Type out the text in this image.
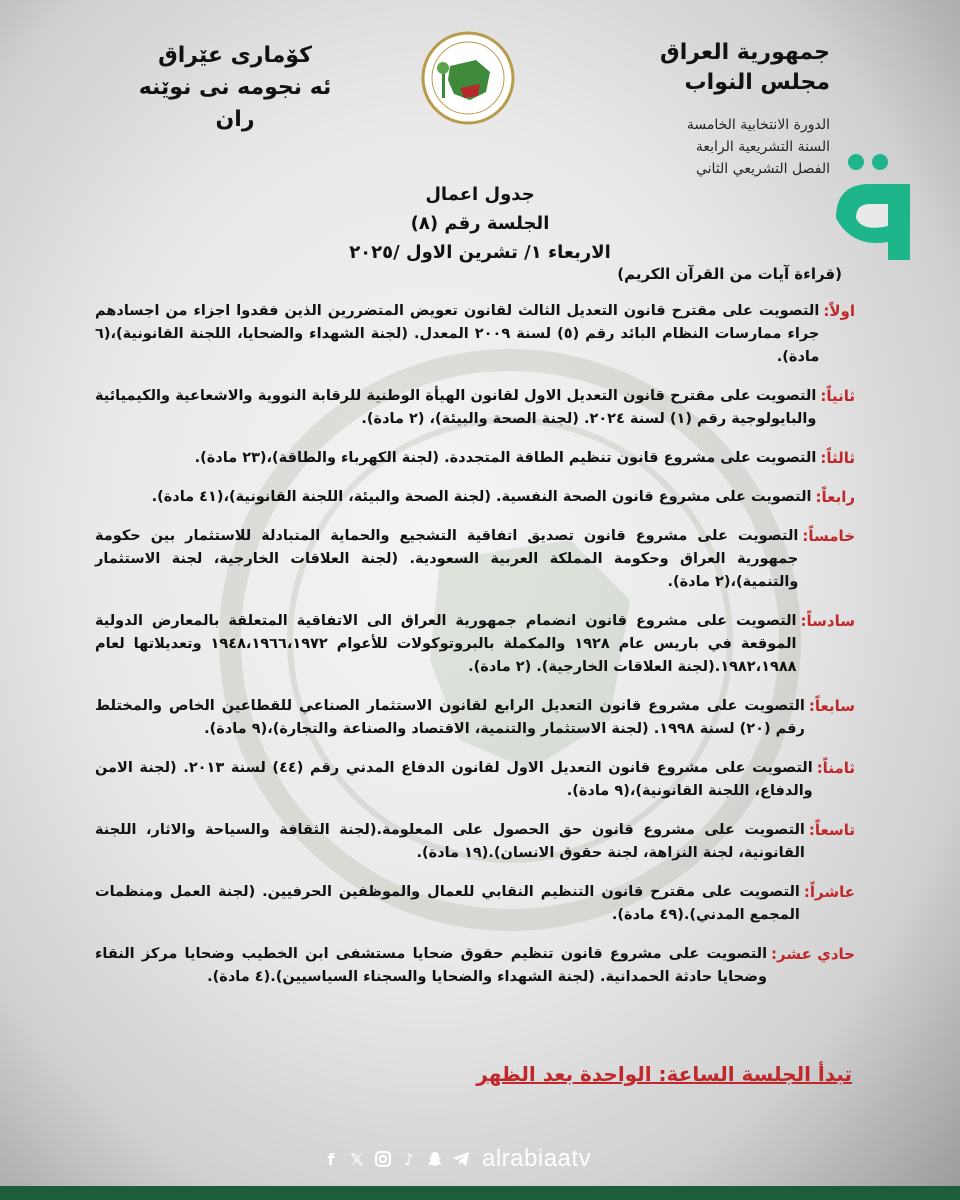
جمهورية العراق
مجلس النواب
الدورة الانتخابية الخامسة
السنة التشريعية الرابعة
الفصل التشريعي الثاني
كۆمارى عێراق
ئه نجومه نى نوێنه ران
جدول اعمال
الجلسة رقم (٨)
الاربعاء ١/ تشرين الاول /٢٠٢٥
(قراءة آيات من القرآن الكريم)
اولاً:
التصويت على مقترح قانون التعديل الثالث لقانون تعويض المتضررين الذين فقدوا اجزاء من اجسادهم جراء ممارسات النظام البائد رقم (٥) لسنة ٢٠٠٩ المعدل. (لجنة الشهداء والضحايا، اللجنة القانونية)،(٦ مادة).
ثانياً:
التصويت على مقترح قانون التعديل الاول لقانون الهيأة الوطنية للرقابة النووية والاشعاعية والكيميائية والبايولوجية رقم (١) لسنة ٢٠٢٤. (لجنة الصحة والبيئة)، (٢ مادة).
ثالثاً:
التصويت على مشروع قانون تنظيم الطاقة المتجددة. (لجنة الكهرباء والطاقة)،(٢٣ مادة).
رابعاً:
التصويت على مشروع قانون الصحة النفسية. (لجنة الصحة والبيئة، اللجنة القانونية)،(٤١ مادة).
خامساً:
التصويت على مشروع قانون تصديق اتفاقية التشجيع والحماية المتبادلة للاستثمار بين حكومة جمهورية العراق وحكومة المملكة العربية السعودية. (لجنة العلاقات الخارجية، لجنة الاستثمار والتنمية)،(٢ مادة).
سادساً:
التصويت على مشروع قانون انضمام جمهورية العراق الى الاتفاقية المتعلقة بالمعارض الدولية الموقعة في باريس عام ١٩٢٨ والمكملة بالبروتوكولات للأعوام ١٩٤٨،١٩٦٦،١٩٧٢ وتعديلاتها لعام ١٩٨٢،١٩٨٨.(لجنة العلاقات الخارجية). (٢ مادة).
سابعاً:
التصويت على مشروع قانون التعديل الرابع لقانون الاستثمار الصناعي للقطاعين الخاص والمختلط رقم (٢٠) لسنة ١٩٩٨. (لجنة الاستثمار والتنمية، الاقتصاد والصناعة والتجارة)،(٩ مادة).
ثامناً:
التصويت على مشروع قانون التعديل الاول لقانون الدفاع المدني رقم (٤٤) لسنة ٢٠١٣. (لجنة الامن والدفاع، اللجنة القانونية)،(٩ مادة).
تاسعاً:
التصويت على مشروع قانون حق الحصول على المعلومة.(لجنة الثقافة والسياحة والاثار، اللجنة القانونية، لجنة النزاهة، لجنة حقوق الانسان).(١٩ مادة).
عاشراً:
التصويت على مقترح قانون التنظيم النقابي للعمال والموظفين الحرفيين. (لجنة العمل ومنظمات المجمع المدني).(٤٩ مادة).
حادي عشر:
التصويت على مشروع قانون تنظيم حقوق ضحايا مستشفى ابن الخطيب وضحايا مركز النقاء وضحايا حادثة الحمدانية. (لجنة الشهداء والضحايا والسجناء السياسيين).(٤ مادة).
تبدأ الجلسة الساعة: الواحدة بعد الظهر
f	𝕏	♪	alrabiaatv
